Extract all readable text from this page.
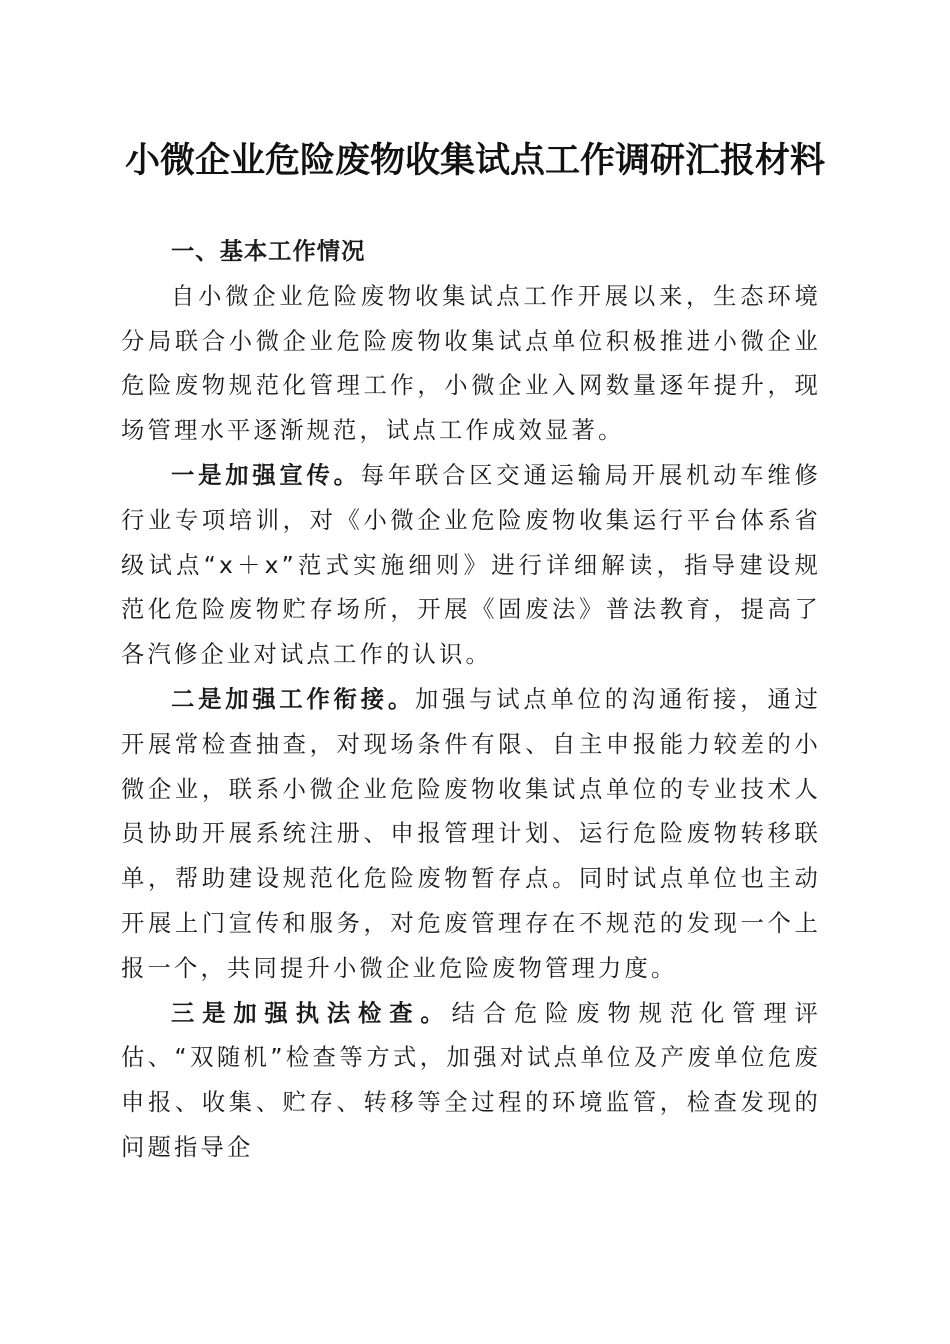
小微企业危险废物收集试点工作调研汇报材料

一、基本工作情况

自小微企业危险废物收集试点工作开展以来，生态环境分局联合小微企业危险废物收集试点单位积极推进小微企业危险废物规范化管理工作，小微企业入网数量逐年提升，现场管理水平逐渐规范，试点工作成效显著。

一是加强宣传。每年联合区交通运输局开展机动车维修行业专项培训，对《小微企业危险废物收集运行平台体系省级试点“x＋x”范式实施细则》进行详细解读，指导建设规范化危险废物贮存场所，开展《固废法》普法教育，提高了各汽修企业对试点工作的认识。

二是加强工作衔接。加强与试点单位的沟通衔接，通过开展常检查抽查，对现场条件有限、自主申报能力较差的小微企业，联系小微企业危险废物收集试点单位的专业技术人员协助开展系统注册、申报管理计划、运行危险废物转移联单，帮助建设规范化危险废物暂存点。同时试点单位也主动开展上门宣传和服务，对危废管理存在不规范的发现一个上报一个，共同提升小微企业危险废物管理力度。

三是加强执法检查。结合危险废物规范化管理评估、“双随机”检查等方式，加强对试点单位及产废单位危废申报、收集、贮存、转移等全过程的环境监管，检查发现的问题指导企
